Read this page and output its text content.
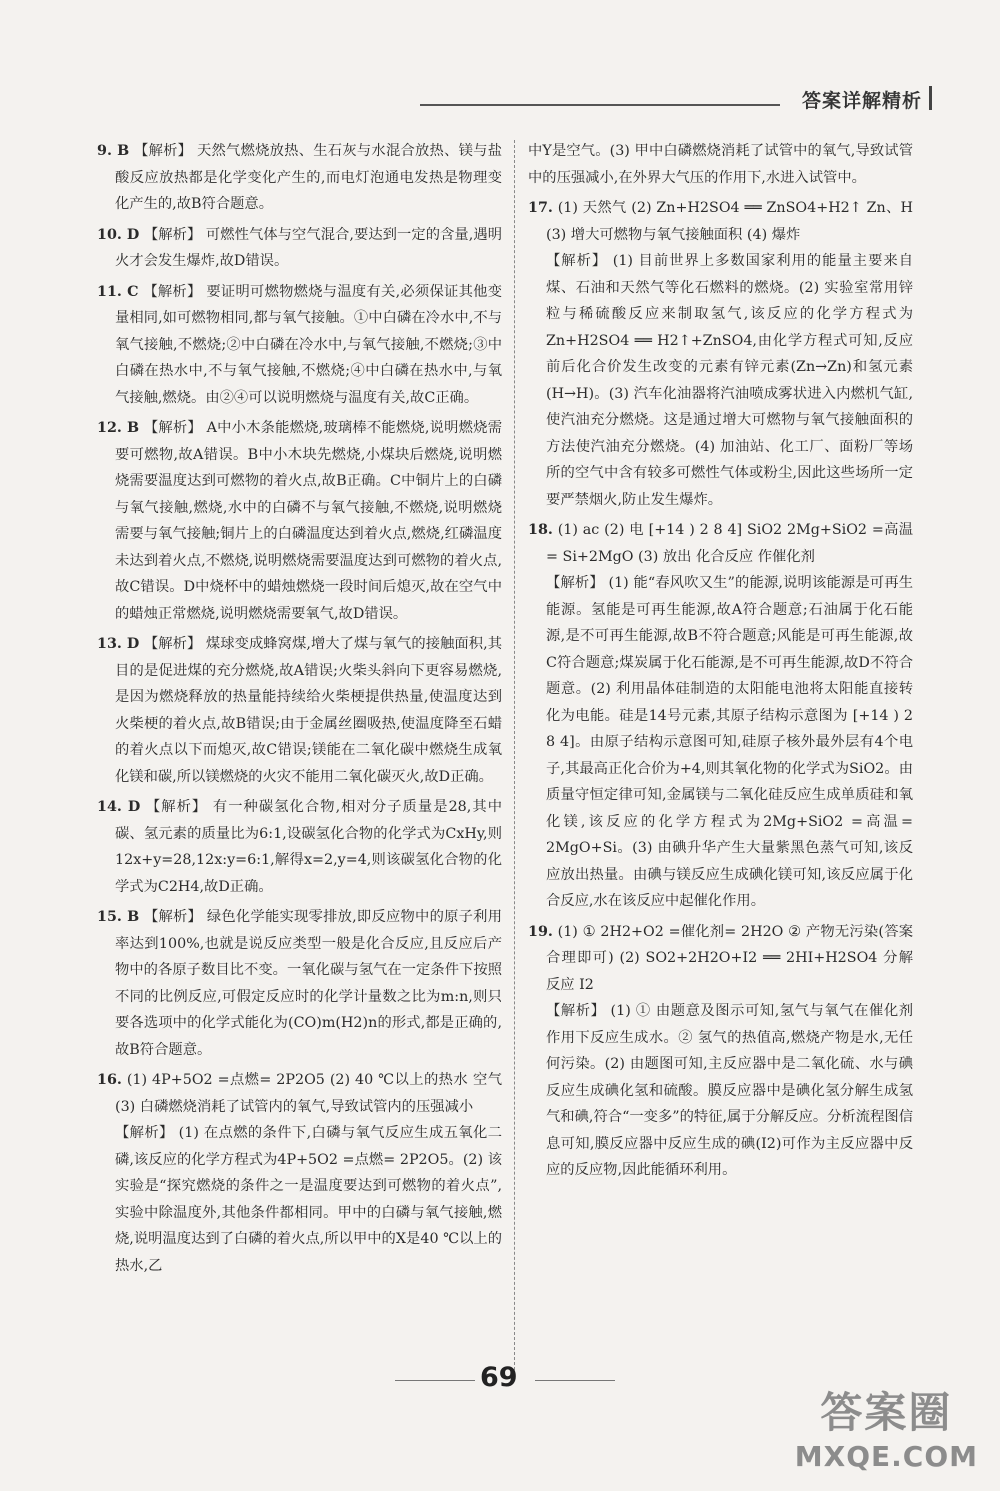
答案详解精析
9. B 【解析】 天然气燃烧放热、生石灰与水混合放热、镁与盐酸反应放热都是化学变化产生的,而电灯泡通电发热是物理变化产生的,故B符合题意。
10. D 【解析】 可燃性气体与空气混合,要达到一定的含量,遇明火才会发生爆炸,故D错误。
11. C 【解析】 要证明可燃物燃烧与温度有关,必须保证其他变量相同,如可燃物相同,都与氧气接触。①中白磷在冷水中,不与氧气接触,不燃烧;②中白磷在冷水中,与氧气接触,不燃烧;③中白磷在热水中,不与氧气接触,不燃烧;④中白磷在热水中,与氧气接触,燃烧。由②④可以说明燃烧与温度有关,故C正确。
12. B 【解析】 A中小木条能燃烧,玻璃棒不能燃烧,说明燃烧需要可燃物,故A错误。B中小木块先燃烧,小煤块后燃烧,说明燃烧需要温度达到可燃物的着火点,故B正确。C中铜片上的白磷与氧气接触,燃烧,水中的白磷不与氧气接触,不燃烧,说明燃烧需要与氧气接触;铜片上的白磷温度达到着火点,燃烧,红磷温度未达到着火点,不燃烧,说明燃烧需要温度达到可燃物的着火点,故C错误。D中烧杯中的蜡烛燃烧一段时间后熄灭,故在空气中的蜡烛正常燃烧,说明燃烧需要氧气,故D错误。
13. D 【解析】 煤球变成蜂窝煤,增大了煤与氧气的接触面积,其目的是促进煤的充分燃烧,故A错误;火柴头斜向下更容易燃烧,是因为燃烧释放的热量能持续给火柴梗提供热量,使温度达到火柴梗的着火点,故B错误;由于金属丝圈吸热,使温度降至石蜡的着火点以下而熄灭,故C错误;镁能在二氧化碳中燃烧生成氧化镁和碳,所以镁燃烧的火灾不能用二氧化碳灭火,故D正确。
14. D 【解析】 有一种碳氢化合物,相对分子质量是28,其中碳、氢元素的质量比为6:1,设碳氢化合物的化学式为CxHy,则12x+y=28,12x:y=6:1,解得x=2,y=4,则该碳氢化合物的化学式为C2H4,故D正确。
15. B 【解析】 绿色化学能实现零排放,即反应物中的原子利用率达到100%,也就是说反应类型一般是化合反应,且反应后产物中的各原子数目比不变。一氧化碳与氢气在一定条件下按照不同的比例反应,可假定反应时的化学计量数之比为m:n,则只要各选项中的化学式能化为(CO)m(H2)n的形式,都是正确的,故B符合题意。
16. (1) 4P+5O2 =点燃= 2P2O5 (2) 40 ℃以上的热水 空气 (3) 白磷燃烧消耗了试管内的氧气,导致试管内的压强减小

【解析】 (1) 在点燃的条件下,白磷与氧气反应生成五氧化二磷,该反应的化学方程式为4P+5O2 =点燃= 2P2O5。(2) 该实验是“探究燃烧的条件之一是温度要达到可燃物的着火点”,实验中除温度外,其他条件都相同。甲中的白磷与氧气接触,燃烧,说明温度达到了白磷的着火点,所以甲中的X是40 ℃以上的热水,乙

中Y是空气。(3) 甲中白磷燃烧消耗了试管中的氧气,导致试管中的压强减小,在外界大气压的作用下,水进入试管中。
17. (1) 天然气 (2) Zn+H2SO4 ══ ZnSO4+H2↑ Zn、H (3) 增大可燃物与氧气接触面积 (4) 爆炸

【解析】 (1) 目前世界上多数国家利用的能量主要来自煤、石油和天然气等化石燃料的燃烧。(2) 实验室常用锌粒与稀硫酸反应来制取氢气,该反应的化学方程式为Zn+H2SO4 ══ H2↑+ZnSO4,由化学方程式可知,反应前后化合价发生改变的元素有锌元素(Zn→Zn)和氢元素(H→H)。(3) 汽车化油器将汽油喷成雾状进入内燃机气缸,使汽油充分燃烧。这是通过增大可燃物与氧气接触面积的方法使汽油充分燃烧。(4) 加油站、化工厂、面粉厂等场所的空气中含有较多可燃性气体或粉尘,因此这些场所一定要严禁烟火,防止发生爆炸。

18. (1) ac (2) 电 [+14 ) 2 8 4] SiO2 2Mg+SiO2 =高温= Si+2MgO (3) 放出 化合反应 作催化剂

【解析】 (1) 能“春风吹又生”的能源,说明该能源是可再生能源。氢能是可再生能源,故A符合题意;石油属于化石能源,是不可再生能源,故B不符合题意;风能是可再生能源,故C符合题意;煤炭属于化石能源,是不可再生能源,故D不符合题意。(2) 利用晶体硅制造的太阳能电池将太阳能直接转化为电能。硅是14号元素,其原子结构示意图为 [+14 ) 2 8 4]。由原子结构示意图可知,硅原子核外最外层有4个电子,其最高正化合价为+4,则其氧化物的化学式为SiO2。由质量守恒定律可知,金属镁与二氧化硅反应生成单质硅和氧化镁,该反应的化学方程式为2Mg+SiO2 =高温= 2MgO+Si。(3) 由碘升华产生大量紫黑色蒸气可知,该反应放出热量。由碘与镁反应生成碘化镁可知,该反应属于化合反应,水在该反应中起催化作用。

19. (1) ① 2H2+O2 =催化剂= 2H2O ② 产物无污染(答案合理即可) (2) SO2+2H2O+I2 ══ 2HI+H2SO4 分解反应 I2

【解析】 (1) ① 由题意及图示可知,氢气与氧气在催化剂作用下反应生成水。② 氢气的热值高,燃烧产物是水,无任何污染。(2) 由题图可知,主反应器中是二氧化硫、水与碘反应生成碘化氢和硫酸。膜反应器中是碘化氢分解生成氢气和碘,符合“一变多”的特征,属于分解反应。分析流程图信息可知,膜反应器中反应生成的碘(I2)可作为主反应器中反应的反应物,因此能循环利用。

69
答案圈
MXQE.COM
